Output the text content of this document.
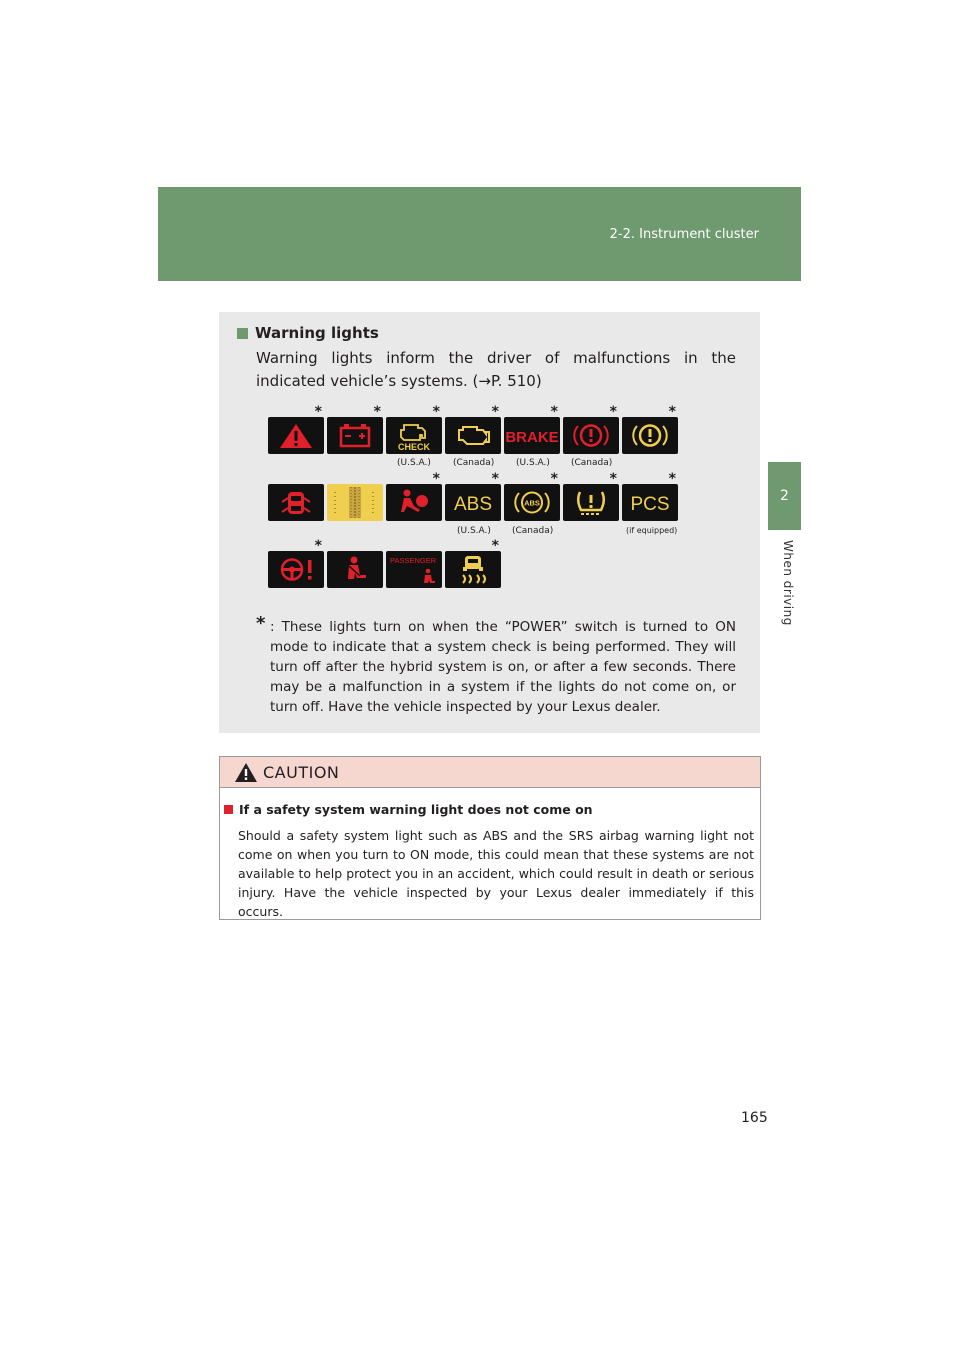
2-2. Instrument cluster
2
When driving
Warning lights
Warning lights inform the driver of malfunctions in the indicated vehicle’s systems. (→P. 510)
*	*	*
CHECK
*	*
BRAKE
*	*
(U.S.A.) (Canada) (U.S.A.) (Canada)
*	*
ABS
*
ABS
*	*
PCS
(U.S.A.) (Canada)	(if equipped)
*
PASSENGER
*
* : These lights turn on when the “POWER” switch is turned to ON mode to indicate that a system check is being performed. They will turn off after the hybrid system is on, or after a few seconds. There may be a malfunction in a system if the lights do not come on, or turn off. Have the vehicle inspected by your Lexus dealer.
CAUTION
If a safety system warning light does not come on
Should a safety system light such as ABS and the SRS airbag warning light not come on when you turn to ON mode, this could mean that these systems are not available to help protect you in an accident, which could result in death or serious injury. Have the vehicle inspected by your Lexus dealer immediately if this occurs.
165
